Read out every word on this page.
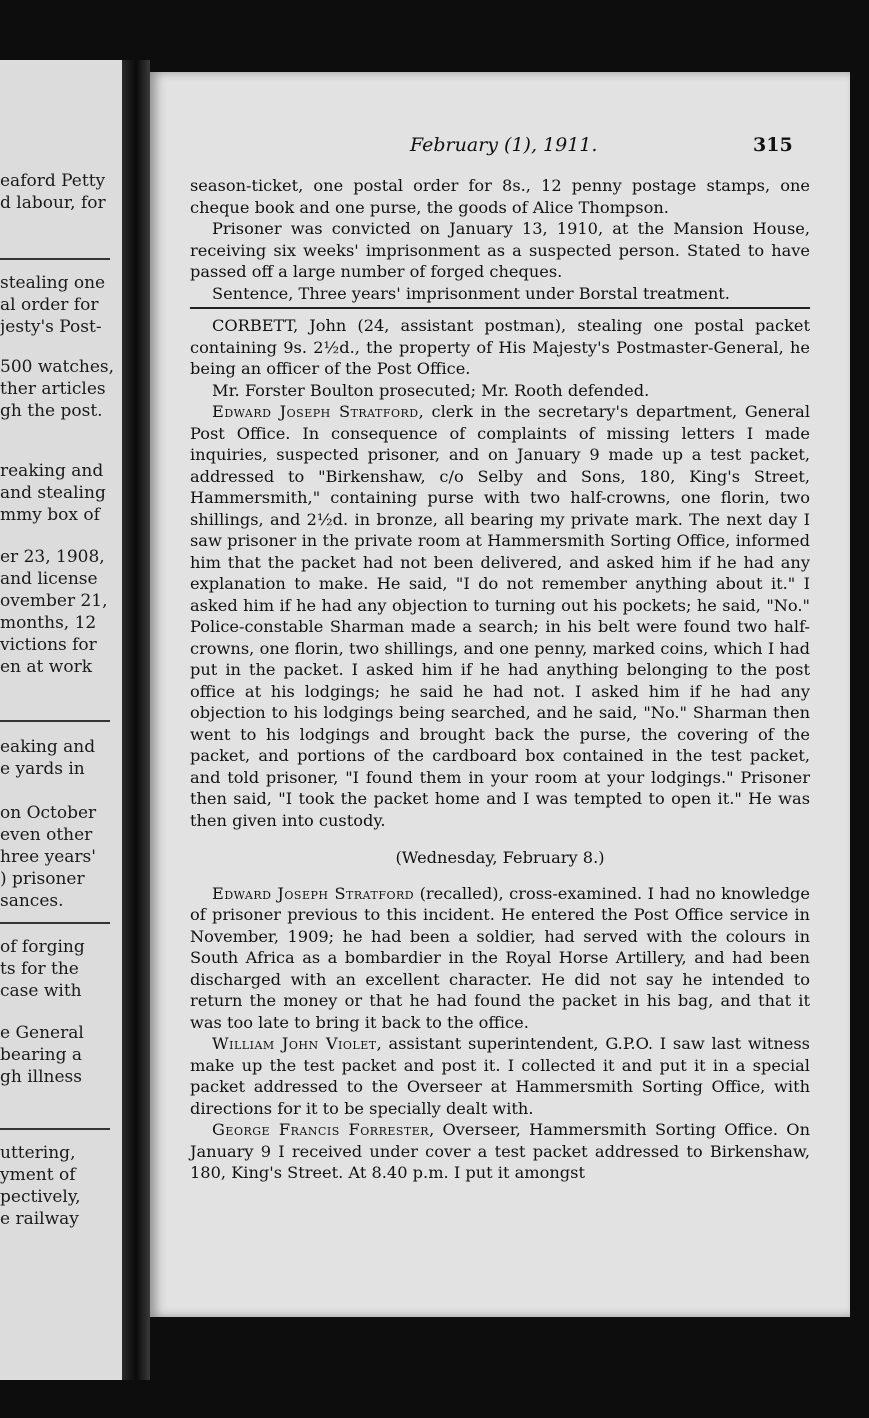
eaford Petty
d labour, for
stealing one
al order for
jesty's Post-
500 watches,
ther articles
gh the post.
reaking and
and stealing
mmy box of
er 23, 1908,
and license
ovember 21,
months, 12
victions for
en at work
eaking and
e yards in
on October
even other
hree years'
) prisoner
sances.
of forging
ts for the
case with
e General
bearing a
gh illness
uttering,
yment of
pectively,
e railway
February (1), 1911.	315

season-ticket, one postal order for 8s., 12 penny postage stamps, one cheque book and one purse, the goods of Alice Thompson.

Prisoner was convicted on January 13, 1910, at the Mansion House, receiving six weeks' imprisonment as a suspected person. Stated to have passed off a large number of forged cheques.

Sentence, Three years' imprisonment under Borstal treatment.

CORBETT, John (24, assistant postman), stealing one postal packet containing 9s. 2½d., the property of His Majesty's Postmaster-General, he being an officer of the Post Office.

Mr. Forster Boulton prosecuted; Mr. Rooth defended.

Edward Joseph Stratford, clerk in the secretary's department, General Post Office. In consequence of complaints of missing letters I made inquiries, suspected prisoner, and on January 9 made up a test packet, addressed to "Birkenshaw, c/o Selby and Sons, 180, King's Street, Hammersmith," containing purse with two half-crowns, one florin, two shillings, and 2½d. in bronze, all bearing my private mark. The next day I saw prisoner in the private room at Hammersmith Sorting Office, informed him that the packet had not been delivered, and asked him if he had any explanation to make. He said, "I do not remember anything about it." I asked him if he had any objection to turning out his pockets; he said, "No." Police-constable Sharman made a search; in his belt were found two half-crowns, one florin, two shillings, and one penny, marked coins, which I had put in the packet. I asked him if he had anything belonging to the post office at his lodgings; he said he had not. I asked him if he had any objection to his lodgings being searched, and he said, "No." Sharman then went to his lodgings and brought back the purse, the covering of the packet, and portions of the cardboard box contained in the test packet, and told prisoner, "I found them in your room at your lodgings." Prisoner then said, "I took the packet home and I was tempted to open it." He was then given into custody.

(Wednesday, February 8.)

Edward Joseph Stratford (recalled), cross-examined. I had no knowledge of prisoner previous to this incident. He entered the Post Office service in November, 1909; he had been a soldier, had served with the colours in South Africa as a bombardier in the Royal Horse Artillery, and had been discharged with an excellent character. He did not say he intended to return the money or that he had found the packet in his bag, and that it was too late to bring it back to the office.

William John Violet, assistant superintendent, G.P.O. I saw last witness make up the test packet and post it. I collected it and put it in a special packet addressed to the Overseer at Hammersmith Sorting Office, with directions for it to be specially dealt with.

George Francis Forrester, Overseer, Hammersmith Sorting Office. On January 9 I received under cover a test packet addressed to Birkenshaw, 180, King's Street. At 8.40 p.m. I put it amongst
